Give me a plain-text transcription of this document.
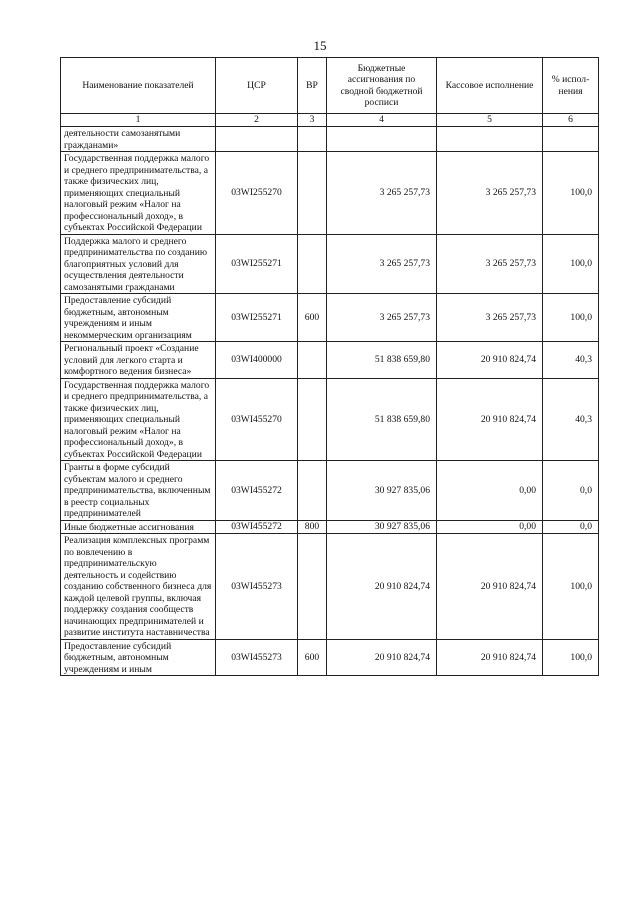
15
Наименование показателей	ЦСР	ВР	Бюджетные ассигнования по сводной бюджетной росписи	Кассовое исполнение	% испол-нения
1	2	3	4	5	6
деятельности самозанятыми гражданами»					
Государственная поддержка малого и среднего предпринимательства, а также физических лиц, применяющих специальный налоговый режим «Налог на профессиональный доход», в субъектах Российской Федерации	03WI255270		3 265 257,73	3 265 257,73	100,0
Поддержка малого и среднего предпринимательства по созданию благоприятных условий для осуществления деятельности самозанятыми гражданами	03WI255271		3 265 257,73	3 265 257,73	100,0
Предоставление субсидий бюджетным, автономным учреждениям и иным некоммерческим организациям	03WI255271	600	3 265 257,73	3 265 257,73	100,0
Региональный проект «Создание условий для легкого старта и комфортного ведения бизнеса»	03WI400000		51 838 659,80	20 910 824,74	40,3
Государственная поддержка малого и среднего предпринимательства, а также физических лиц, применяющих специальный налоговый режим «Налог на профессиональный доход», в субъектах Российской Федерации	03WI455270		51 838 659,80	20 910 824,74	40,3
Гранты в форме субсидий субъектам малого и среднего предпринимательства, включенным в реестр социальных предпринимателей	03WI455272		30 927 835,06	0,00	0,0
Иные бюджетные ассигнования	03WI455272	800	30 927 835,06	0,00	0,0
Реализация комплексных программ по вовлечению в предпринимательскую деятельность и содействию созданию собственного бизнеса для каждой целевой группы, включая поддержку создания сообществ начинающих предпринимателей и развитие института наставничества	03WI455273		20 910 824,74	20 910 824,74	100,0
Предоставление субсидий бюджетным, автономным учреждениям и иным	03WI455273	600	20 910 824,74	20 910 824,74	100,0
